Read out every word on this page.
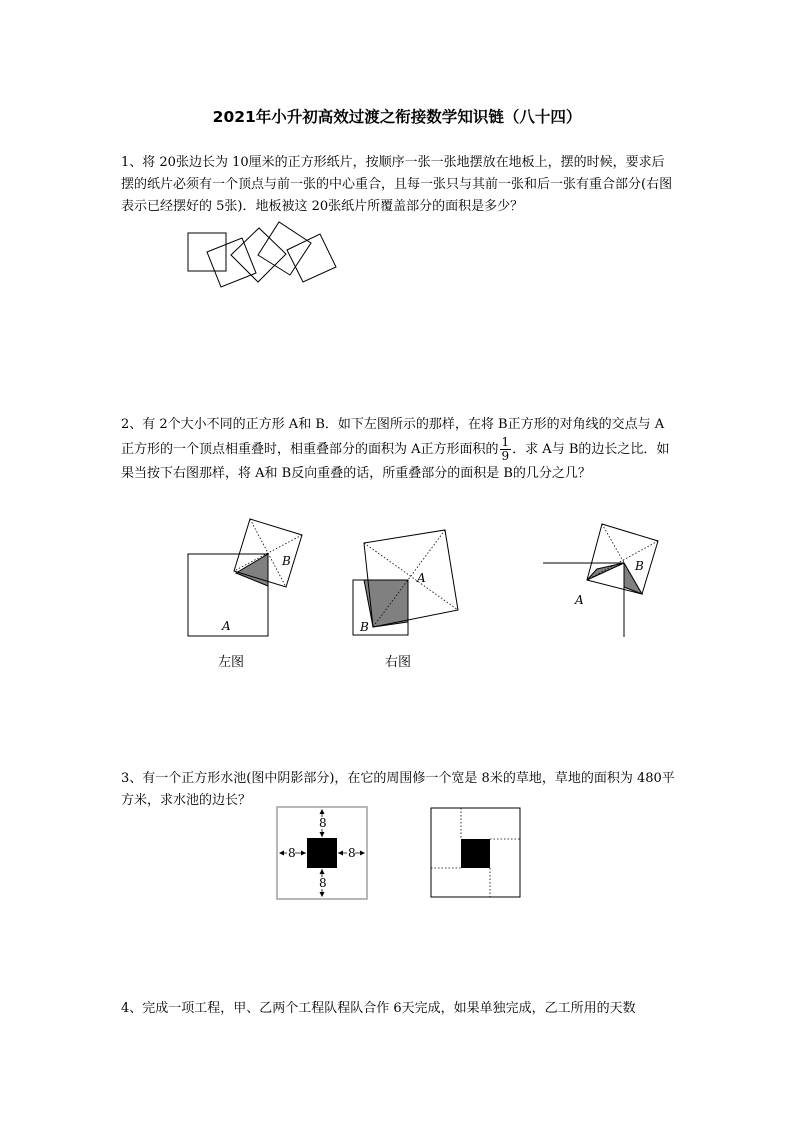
2021年小升初高效过渡之衔接数学知识链（八十四）
1、将 20张边长为 10厘米的正方形纸片，按顺序一张一张地摆放在地板上，摆的时候，要求后摆的纸片必须有一个顶点与前一张的中心重合，且每一张只与其前一张和后一张有重合部分(右图表示已经摆好的 5张)．地板被这 20张纸片所覆盖部分的面积是多少？
2、有 2个大小不同的正方形 A和 B．如下左图所示的那样，在将 B正方形的对角线的交点与 A正方形的一个顶点相重叠时，相重叠部分的面积为 A正方形面积的 $\frac{1}{9}$ ．求 A与 B的边长之比．如果当按下右图那样，将 A和 B反向重叠的话，所重叠部分的面积是 B的几分之几？
B
A
A
B
B
A
左图	右图
3、有一个正方形水池(图中阴影部分)，在它的周围修一个宽是 8米的草地，草地的面积为 480平方米，求水池的边长？
8
8
8	8
4、完成一项工程，甲、乙两个工程队程队合作 6天完成，如果单独完成，乙工所用的天数
